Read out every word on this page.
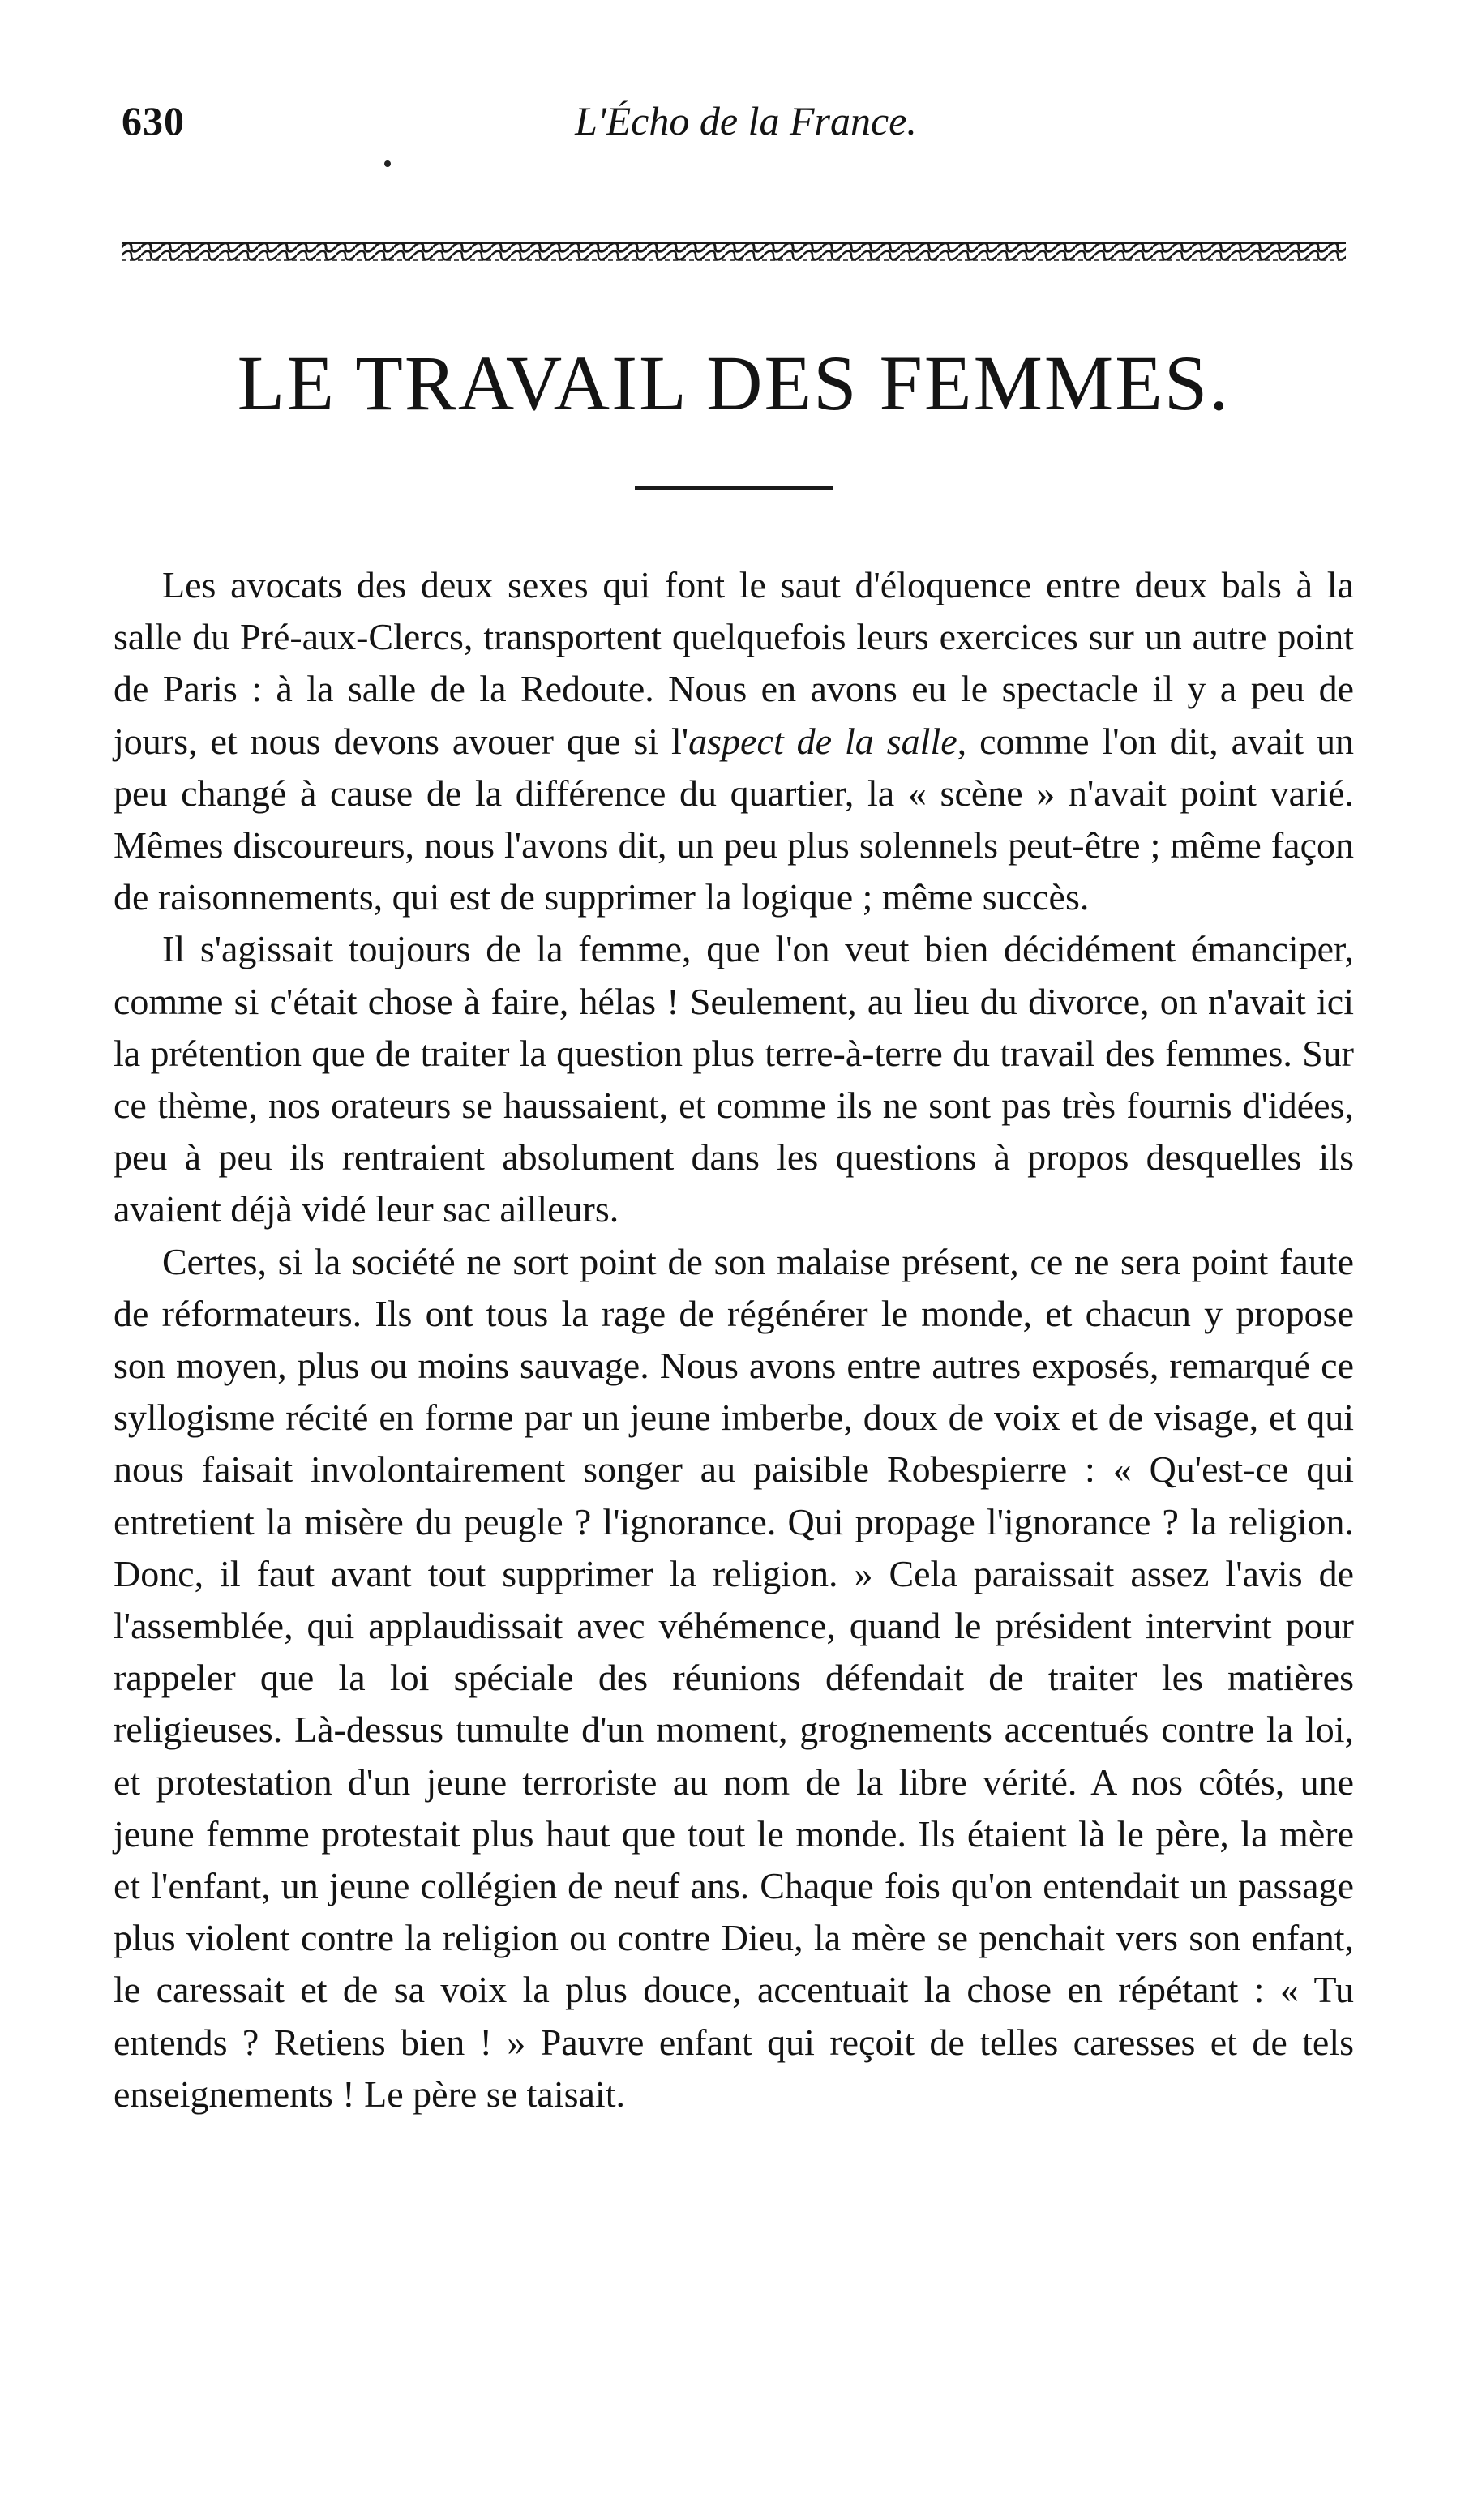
630	L'Écho de la France.
LE TRAVAIL DES FEMMES.

Les avocats des deux sexes qui font le saut d'éloquence entre deux bals à la salle du Pré-aux-Clercs, transportent quelquefois leurs exercices sur un autre point de Paris : à la salle de la Redoute. Nous en avons eu le spectacle il y a peu de jours, et nous devons avouer que si l'aspect de la salle, comme l'on dit, avait un peu changé à cause de la différence du quartier, la « scène » n'avait point varié. Mêmes discoureurs, nous l'avons dit, un peu plus solennels peut-être ; même façon de raisonnements, qui est de supprimer la logique ; même succès.

Il s'agissait toujours de la femme, que l'on veut bien décidément émanciper, comme si c'était chose à faire, hélas ! Seulement, au lieu du divorce, on n'avait ici la prétention que de traiter la question plus terre-à-terre du travail des femmes. Sur ce thème, nos orateurs se haussaient, et comme ils ne sont pas très fournis d'idées, peu à peu ils rentraient absolument dans les questions à propos desquelles ils avaient déjà vidé leur sac ailleurs.

Certes, si la société ne sort point de son malaise présent, ce ne sera point faute de réformateurs. Ils ont tous la rage de régénérer le monde, et chacun y propose son moyen, plus ou moins sauvage. Nous avons entre autres exposés, remarqué ce syllogisme récité en forme par un jeune imberbe, doux de voix et de visage, et qui nous faisait involontairement songer au paisible Robespierre : « Qu'est-ce qui entretient la misère du peugle ? l'ignorance. Qui propage l'ignorance ? la religion. Donc, il faut avant tout supprimer la religion. » Cela paraissait assez l'avis de l'assemblée, qui applaudissait avec véhémence, quand le président intervint pour rappeler que la loi spéciale des réunions défendait de traiter les matières religieuses. Là-dessus tumulte d'un moment, grognements accentués contre la loi, et protestation d'un jeune terroriste au nom de la libre vérité. A nos côtés, une jeune femme protestait plus haut que tout le monde. Ils étaient là le père, la mère et l'enfant, un jeune collégien de neuf ans. Chaque fois qu'on entendait un passage plus violent contre la religion ou contre Dieu, la mère se penchait vers son enfant, le caressait et de sa voix la plus douce, accentuait la chose en répétant : « Tu entends ? Retiens bien ! » Pauvre enfant qui reçoit de telles caresses et de tels enseignements ! Le père se taisait.
